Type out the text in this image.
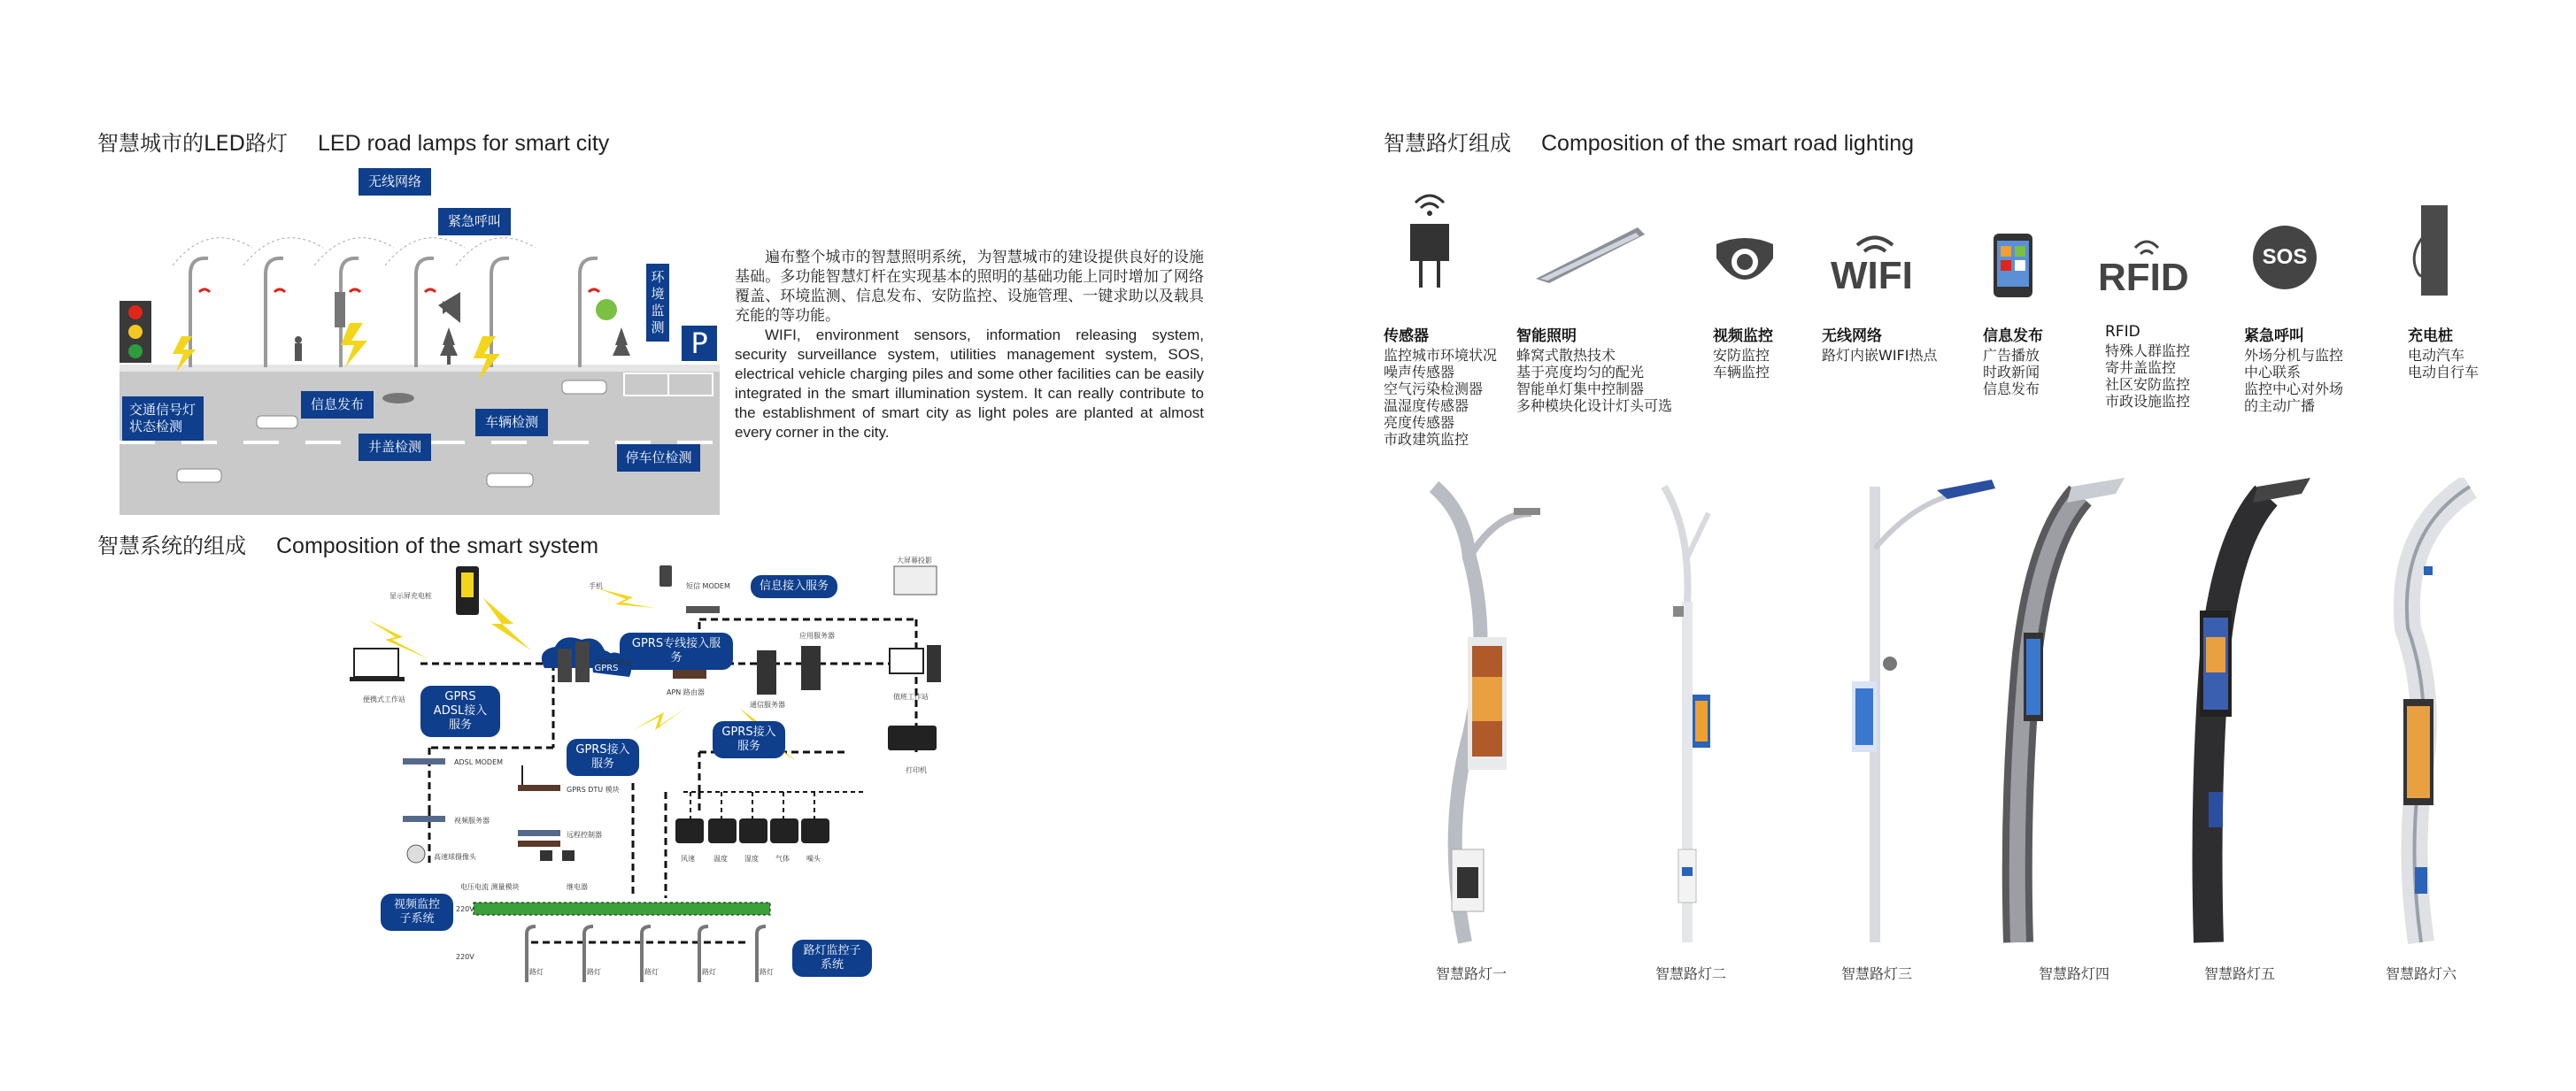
智慧城市的LED路灯 LED road lamps for smart city
无线网络
紧急呼叫
环境监测 P
交通信号灯状态检测
信息发布
井盖检测
车辆检测
停车位检测
遍布整个城市的智慧照明系统，为智慧城市的建设提供良好的设施基础。多功能智慧灯杆在实现基本的照明的基础功能上同时增加了网络覆盖、环境监测、信息发布、安防监控、设施管理、一键求助以及载具充能的等功能。
WIFI, environment sensors, information releasing system, security surveillance system, utilities management system, SOS, electrical vehicle charging piles and some other facilities can be easily integrated in the smart illumination system. It can really contribute to the establishment of smart city as light poles are planted at almost every corner in the city.
智慧系统的组成 Composition of the smart system
信息接入服务
GPRS专线接入服务
GPRS ADSL接入服务
Internet
GPRS网络
GPRS接入服务
GPRS接入服务
视频监控子系统
路灯监控子系统
显示屏充电桩
手机	短信 MODEM
大屏幕投影
便携式工作站
GGSN 路由
APN 路由器
通信服务器
应用服务器
值班工作站
打印机
ADSL MODEM
GPRS DTU 模块
视频服务器
远程控制器
高速球摄像头
电压电流 测量模块	继电器
220V
220V
风速	温度 湿度 气体 噪头
路灯	路灯	路灯	路灯	路灯
智慧路灯组成 Composition of the smart road lighting
WIFI	RFID	SOS
传感器
监控城市环境状况
噪声传感器
空气污染检测器
温湿度传感器
亮度传感器
市政建筑监控
智能照明
蜂窝式散热技术
基于亮度均匀的配光
智能单灯集中控制器
多种模块化设计灯头可选
视频监控
安防监控
车辆监控
无线网络
路灯内嵌WIFI热点
信息发布
广告播放
时政新闻
信息发布
RFID
特殊人群监控
寄井盖监控
社区安防监控
市政设施监控
紧急呼叫
外场分机与监控
中心联系
监控中心对外场
的主动广播
充电桩
电动汽车
电动自行车
智慧路灯一	智慧路灯二	智慧路灯三	智慧路灯四	智慧路灯五	智慧路灯六
